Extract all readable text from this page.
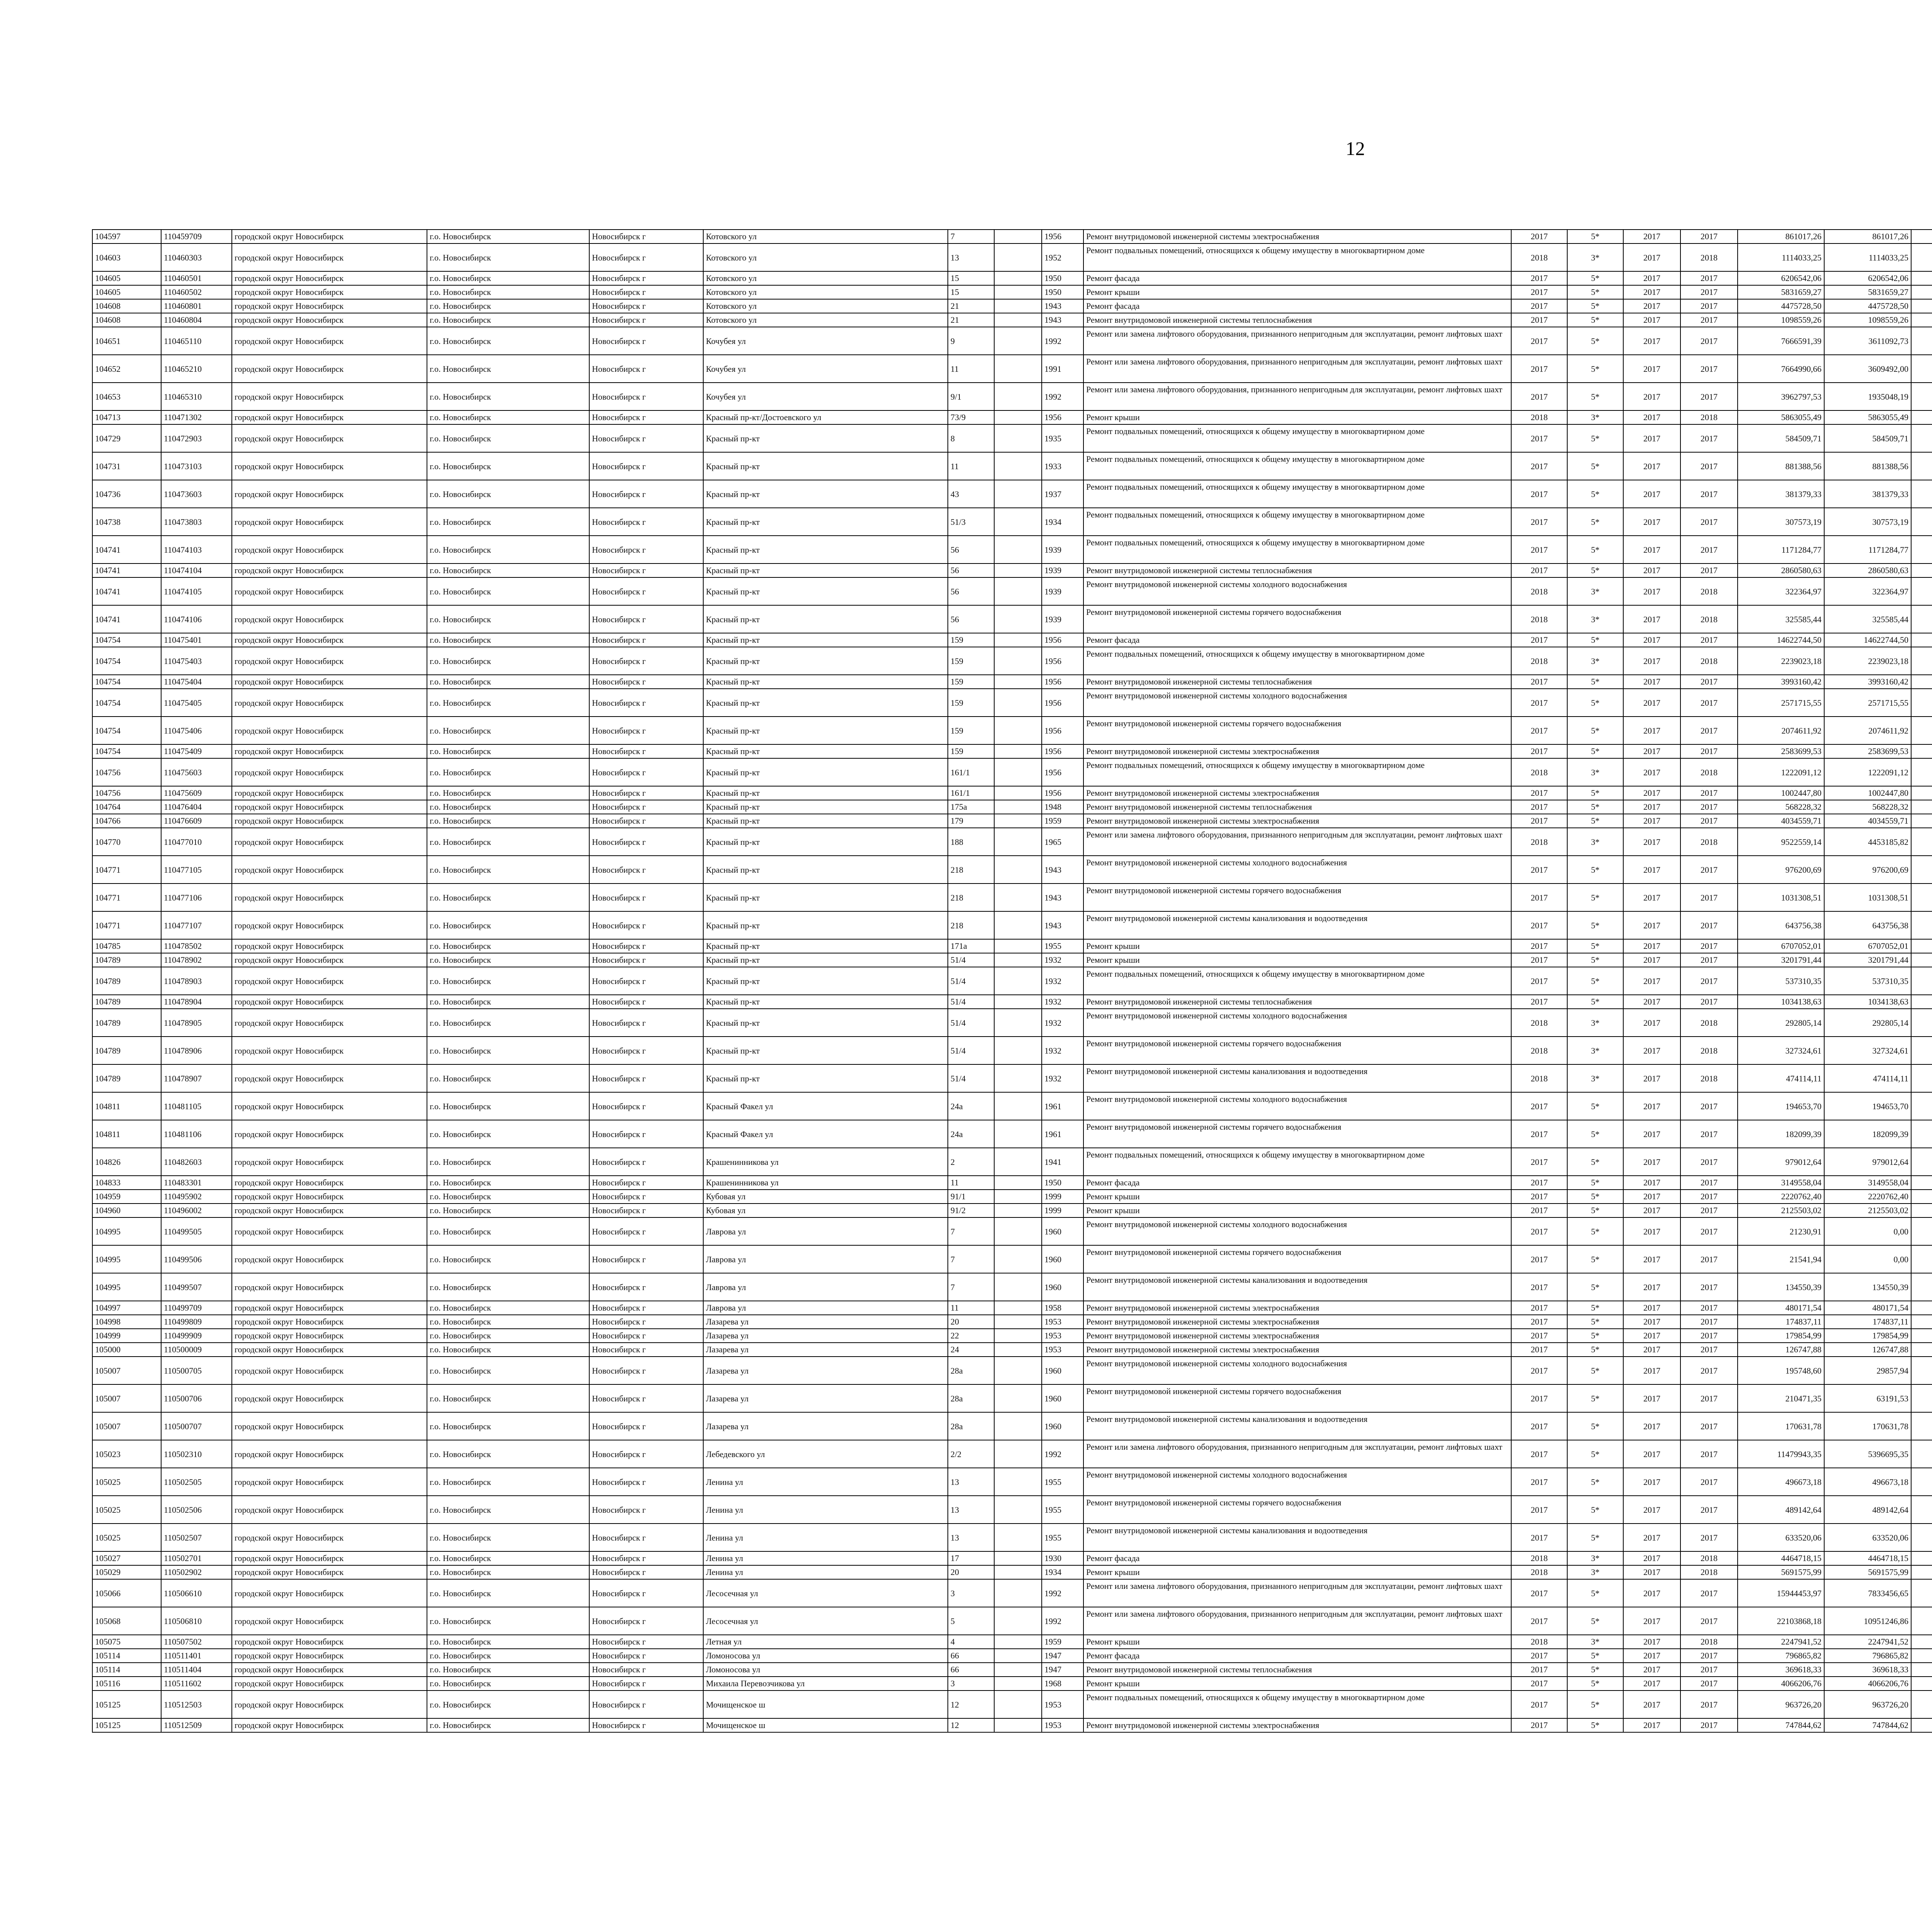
12
104597	110459709	городской округ Новосибирск	г.о. Новосибирск	Новосибирск г	Котовского ул	7		1956	Ремонт внутридомовой инженерной системы электроснабжения	2017	5*	2017	2017	861017,26	861017,26						
104603	110460303	городской округ Новосибирск	г.о. Новосибирск	Новосибирск г	Котовского ул	13		1952	Ремонт подвальных помещений, относящихся к общему имуществу в многоквартирном доме	2018	3*	2017	2018	1114033,25	1114033,25						
104605	110460501	городской округ Новосибирск	г.о. Новосибирск	Новосибирск г	Котовского ул	15		1950	Ремонт фасада	2017	5*	2017	2017	6206542,06	6206542,06						
104605	110460502	городской округ Новосибирск	г.о. Новосибирск	Новосибирск г	Котовского ул	15		1950	Ремонт крыши	2017	5*	2017	2017	5831659,27	5831659,27						
104608	110460801	городской округ Новосибирск	г.о. Новосибирск	Новосибирск г	Котовского ул	21		1943	Ремонт фасада	2017	5*	2017	2017	4475728,50	4475728,50						
104608	110460804	городской округ Новосибирск	г.о. Новосибирск	Новосибирск г	Котовского ул	21		1943	Ремонт внутридомовой инженерной системы теплоснабжения	2017	5*	2017	2017	1098559,26	1098559,26						
104651	110465110	городской округ Новосибирск	г.о. Новосибирск	Новосибирск г	Кочубея ул	9		1992	Ремонт или замена лифтового оборудования, признанного непригодным для эксплуатации, ремонт лифтовых шахт	2017	5*	2017	2017	7666591,39	3611092,73						
104652	110465210	городской округ Новосибирск	г.о. Новосибирск	Новосибирск г	Кочубея ул	11		1991	Ремонт или замена лифтового оборудования, признанного непригодным для эксплуатации, ремонт лифтовых шахт	2017	5*	2017	2017	7664990,66	3609492,00						
104653	110465310	городской округ Новосибирск	г.о. Новосибирск	Новосибирск г	Кочубея ул	9/1		1992	Ремонт или замена лифтового оборудования, признанного непригодным для эксплуатации, ремонт лифтовых шахт	2017	5*	2017	2017	3962797,53	1935048,19						
104713	110471302	городской округ Новосибирск	г.о. Новосибирск	Новосибирск г	Красный пр-кт/Достоевского ул	73/9		1956	Ремонт крыши	2018	3*	2017	2018	5863055,49	5863055,49						
104729	110472903	городской округ Новосибирск	г.о. Новосибирск	Новосибирск г	Красный пр-кт	8		1935	Ремонт подвальных помещений, относящихся к общему имуществу в многоквартирном доме	2017	5*	2017	2017	584509,71	584509,71						
104731	110473103	городской округ Новосибирск	г.о. Новосибирск	Новосибирск г	Красный пр-кт	11		1933	Ремонт подвальных помещений, относящихся к общему имуществу в многоквартирном доме	2017	5*	2017	2017	881388,56	881388,56						
104736	110473603	городской округ Новосибирск	г.о. Новосибирск	Новосибирск г	Красный пр-кт	43		1937	Ремонт подвальных помещений, относящихся к общему имуществу в многоквартирном доме	2017	5*	2017	2017	381379,33	381379,33						
104738	110473803	городской округ Новосибирск	г.о. Новосибирск	Новосибирск г	Красный пр-кт	51/3		1934	Ремонт подвальных помещений, относящихся к общему имуществу в многоквартирном доме	2017	5*	2017	2017	307573,19	307573,19						
104741	110474103	городской округ Новосибирск	г.о. Новосибирск	Новосибирск г	Красный пр-кт	56		1939	Ремонт подвальных помещений, относящихся к общему имуществу в многоквартирном доме	2017	5*	2017	2017	1171284,77	1171284,77						
104741	110474104	городской округ Новосибирск	г.о. Новосибирск	Новосибирск г	Красный пр-кт	56		1939	Ремонт внутридомовой инженерной системы теплоснабжения	2017	5*	2017	2017	2860580,63	2860580,63						
104741	110474105	городской округ Новосибирск	г.о. Новосибирск	Новосибирск г	Красный пр-кт	56		1939	Ремонт внутридомовой инженерной системы холодного водоснабжения	2018	3*	2017	2018	322364,97	322364,97						
104741	110474106	городской округ Новосибирск	г.о. Новосибирск	Новосибирск г	Красный пр-кт	56		1939	Ремонт внутридомовой инженерной системы горячего водоснабжения	2018	3*	2017	2018	325585,44	325585,44						
104754	110475401	городской округ Новосибирск	г.о. Новосибирск	Новосибирск г	Красный пр-кт	159		1956	Ремонт фасада	2017	5*	2017	2017	14622744,50	14622744,50						
104754	110475403	городской округ Новосибирск	г.о. Новосибирск	Новосибирск г	Красный пр-кт	159		1956	Ремонт подвальных помещений, относящихся к общему имуществу в многоквартирном доме	2018	3*	2017	2018	2239023,18	2239023,18						
104754	110475404	городской округ Новосибирск	г.о. Новосибирск	Новосибирск г	Красный пр-кт	159		1956	Ремонт внутридомовой инженерной системы теплоснабжения	2017	5*	2017	2017	3993160,42	3993160,42						
104754	110475405	городской округ Новосибирск	г.о. Новосибирск	Новосибирск г	Красный пр-кт	159		1956	Ремонт внутридомовой инженерной системы холодного водоснабжения	2017	5*	2017	2017	2571715,55	2571715,55						
104754	110475406	городской округ Новосибирск	г.о. Новосибирск	Новосибирск г	Красный пр-кт	159		1956	Ремонт внутридомовой инженерной системы горячего водоснабжения	2017	5*	2017	2017	2074611,92	2074611,92						
104754	110475409	городской округ Новосибирск	г.о. Новосибирск	Новосибирск г	Красный пр-кт	159		1956	Ремонт внутридомовой инженерной системы электроснабжения	2017	5*	2017	2017	2583699,53	2583699,53						
104756	110475603	городской округ Новосибирск	г.о. Новосибирск	Новосибирск г	Красный пр-кт	161/1		1956	Ремонт подвальных помещений, относящихся к общему имуществу в многоквартирном доме	2018	3*	2017	2018	1222091,12	1222091,12						
104756	110475609	городской округ Новосибирск	г.о. Новосибирск	Новосибирск г	Красный пр-кт	161/1		1956	Ремонт внутридомовой инженерной системы электроснабжения	2017	5*	2017	2017	1002447,80	1002447,80						
104764	110476404	городской округ Новосибирск	г.о. Новосибирск	Новосибирск г	Красный пр-кт	175а		1948	Ремонт внутридомовой инженерной системы теплоснабжения	2017	5*	2017	2017	568228,32	568228,32						
104766	110476609	городской округ Новосибирск	г.о. Новосибирск	Новосибирск г	Красный пр-кт	179		1959	Ремонт внутридомовой инженерной системы электроснабжения	2017	5*	2017	2017	4034559,71	4034559,71						
104770	110477010	городской округ Новосибирск	г.о. Новосибирск	Новосибирск г	Красный пр-кт	188		1965	Ремонт или замена лифтового оборудования, признанного непригодным для эксплуатации, ремонт лифтовых шахт	2018	3*	2017	2018	9522559,14	4453185,82						
104771	110477105	городской округ Новосибирск	г.о. Новосибирск	Новосибирск г	Красный пр-кт	218		1943	Ремонт внутридомовой инженерной системы холодного водоснабжения	2017	5*	2017	2017	976200,69	976200,69						
104771	110477106	городской округ Новосибирск	г.о. Новосибирск	Новосибирск г	Красный пр-кт	218		1943	Ремонт внутридомовой инженерной системы горячего водоснабжения	2017	5*	2017	2017	1031308,51	1031308,51						
104771	110477107	городской округ Новосибирск	г.о. Новосибирск	Новосибирск г	Красный пр-кт	218		1943	Ремонт внутридомовой инженерной системы канализования и водоотведения	2017	5*	2017	2017	643756,38	643756,38						
104785	110478502	городской округ Новосибирск	г.о. Новосибирск	Новосибирск г	Красный пр-кт	171а		1955	Ремонт крыши	2017	5*	2017	2017	6707052,01	6707052,01						
104789	110478902	городской округ Новосибирск	г.о. Новосибирск	Новосибирск г	Красный пр-кт	51/4		1932	Ремонт крыши	2017	5*	2017	2017	3201791,44	3201791,44						
104789	110478903	городской округ Новосибирск	г.о. Новосибирск	Новосибирск г	Красный пр-кт	51/4		1932	Ремонт подвальных помещений, относящихся к общему имуществу в многоквартирном доме	2017	5*	2017	2017	537310,35	537310,35						
104789	110478904	городской округ Новосибирск	г.о. Новосибирск	Новосибирск г	Красный пр-кт	51/4		1932	Ремонт внутридомовой инженерной системы теплоснабжения	2017	5*	2017	2017	1034138,63	1034138,63						
104789	110478905	городской округ Новосибирск	г.о. Новосибирск	Новосибирск г	Красный пр-кт	51/4		1932	Ремонт внутридомовой инженерной системы холодного водоснабжения	2018	3*	2017	2018	292805,14	292805,14						
104789	110478906	городской округ Новосибирск	г.о. Новосибирск	Новосибирск г	Красный пр-кт	51/4		1932	Ремонт внутридомовой инженерной системы горячего водоснабжения	2018	3*	2017	2018	327324,61	327324,61						
104789	110478907	городской округ Новосибирск	г.о. Новосибирск	Новосибирск г	Красный пр-кт	51/4		1932	Ремонт внутридомовой инженерной системы канализования и водоотведения	2018	3*	2017	2018	474114,11	474114,11						
104811	110481105	городской округ Новосибирск	г.о. Новосибирск	Новосибирск г	Красный Факел ул	24а		1961	Ремонт внутридомовой инженерной системы холодного водоснабжения	2017	5*	2017	2017	194653,70	194653,70						
104811	110481106	городской округ Новосибирск	г.о. Новосибирск	Новосибирск г	Красный Факел ул	24а		1961	Ремонт внутридомовой инженерной системы горячего водоснабжения	2017	5*	2017	2017	182099,39	182099,39						
104826	110482603	городской округ Новосибирск	г.о. Новосибирск	Новосибирск г	Крашенинникова ул	2		1941	Ремонт подвальных помещений, относящихся к общему имуществу в многоквартирном доме	2017	5*	2017	2017	979012,64	979012,64						
104833	110483301	городской округ Новосибирск	г.о. Новосибирск	Новосибирск г	Крашенинникова ул	11		1950	Ремонт фасада	2017	5*	2017	2017	3149558,04	3149558,04						
104959	110495902	городской округ Новосибирск	г.о. Новосибирск	Новосибирск г	Кубовая ул	91/1		1999	Ремонт крыши	2017	5*	2017	2017	2220762,40	2220762,40						
104960	110496002	городской округ Новосибирск	г.о. Новосибирск	Новосибирск г	Кубовая ул	91/2		1999	Ремонт крыши	2017	5*	2017	2017	2125503,02	2125503,02						
104995	110499505	городской округ Новосибирск	г.о. Новосибирск	Новосибирск г	Лаврова ул	7		1960	Ремонт внутридомовой инженерной системы холодного водоснабжения	2017	5*	2017	2017	21230,91	0,00						
104995	110499506	городской округ Новосибирск	г.о. Новосибирск	Новосибирск г	Лаврова ул	7		1960	Ремонт внутридомовой инженерной системы горячего водоснабжения	2017	5*	2017	2017	21541,94	0,00						
104995	110499507	городской округ Новосибирск	г.о. Новосибирск	Новосибирск г	Лаврова ул	7		1960	Ремонт внутридомовой инженерной системы канализования и водоотведения	2017	5*	2017	2017	134550,39	134550,39						
104997	110499709	городской округ Новосибирск	г.о. Новосибирск	Новосибирск г	Лаврова ул	11		1958	Ремонт внутридомовой инженерной системы электроснабжения	2017	5*	2017	2017	480171,54	480171,54						
104998	110499809	городской округ Новосибирск	г.о. Новосибирск	Новосибирск г	Лазарева ул	20		1953	Ремонт внутридомовой инженерной системы электроснабжения	2017	5*	2017	2017	174837,11	174837,11						
104999	110499909	городской округ Новосибирск	г.о. Новосибирск	Новосибирск г	Лазарева ул	22		1953	Ремонт внутридомовой инженерной системы электроснабжения	2017	5*	2017	2017	179854,99	179854,99						
105000	110500009	городской округ Новосибирск	г.о. Новосибирск	Новосибирск г	Лазарева ул	24		1953	Ремонт внутридомовой инженерной системы электроснабжения	2017	5*	2017	2017	126747,88	126747,88						
105007	110500705	городской округ Новосибирск	г.о. Новосибирск	Новосибирск г	Лазарева ул	28а		1960	Ремонт внутридомовой инженерной системы холодного водоснабжения	2017	5*	2017	2017	195748,60	29857,94						
105007	110500706	городской округ Новосибирск	г.о. Новосибирск	Новосибирск г	Лазарева ул	28а		1960	Ремонт внутридомовой инженерной системы горячего водоснабжения	2017	5*	2017	2017	210471,35	63191,53						
105007	110500707	городской округ Новосибирск	г.о. Новосибирск	Новосибирск г	Лазарева ул	28а		1960	Ремонт внутридомовой инженерной системы канализования и водоотведения	2017	5*	2017	2017	170631,78	170631,78						
105023	110502310	городской округ Новосибирск	г.о. Новосибирск	Новосибирск г	Лебедевского ул	2/2		1992	Ремонт или замена лифтового оборудования, признанного непригодным для эксплуатации, ремонт лифтовых шахт	2017	5*	2017	2017	11479943,35	5396695,35						
105025	110502505	городской округ Новосибирск	г.о. Новосибирск	Новосибирск г	Ленина ул	13		1955	Ремонт внутридомовой инженерной системы холодного водоснабжения	2017	5*	2017	2017	496673,18	496673,18						
105025	110502506	городской округ Новосибирск	г.о. Новосибирск	Новосибирск г	Ленина ул	13		1955	Ремонт внутридомовой инженерной системы горячего водоснабжения	2017	5*	2017	2017	489142,64	489142,64						
105025	110502507	городской округ Новосибирск	г.о. Новосибирск	Новосибирск г	Ленина ул	13		1955	Ремонт внутридомовой инженерной системы канализования и водоотведения	2017	5*	2017	2017	633520,06	633520,06						
105027	110502701	городской округ Новосибирск	г.о. Новосибирск	Новосибирск г	Ленина ул	17		1930	Ремонт фасада	2018	3*	2017	2018	4464718,15	4464718,15						
105029	110502902	городской округ Новосибирск	г.о. Новосибирск	Новосибирск г	Ленина ул	20		1934	Ремонт крыши	2018	3*	2017	2018	5691575,99	5691575,99						
105066	110506610	городской округ Новосибирск	г.о. Новосибирск	Новосибирск г	Лесосечная ул	3		1992	Ремонт или замена лифтового оборудования, признанного непригодным для эксплуатации, ремонт лифтовых шахт	2017	5*	2017	2017	15944453,97	7833456,65						
105068	110506810	городской округ Новосибирск	г.о. Новосибирск	Новосибирск г	Лесосечная ул	5		1992	Ремонт или замена лифтового оборудования, признанного непригодным для эксплуатации, ремонт лифтовых шахт	2017	5*	2017	2017	22103868,18	10951246,86						
105075	110507502	городской округ Новосибирск	г.о. Новосибирск	Новосибирск г	Летная ул	4		1959	Ремонт крыши	2018	3*	2017	2018	2247941,52	2247941,52						
105114	110511401	городской округ Новосибирск	г.о. Новосибирск	Новосибирск г	Ломоносова ул	66		1947	Ремонт фасада	2017	5*	2017	2017	796865,82	796865,82						
105114	110511404	городской округ Новосибирск	г.о. Новосибирск	Новосибирск г	Ломоносова ул	66		1947	Ремонт внутридомовой инженерной системы теплоснабжения	2017	5*	2017	2017	369618,33	369618,33						
105116	110511602	городской округ Новосибирск	г.о. Новосибирск	Новосибирск г	Михаила Перевозчикова ул	3		1968	Ремонт крыши	2017	5*	2017	2017	4066206,76	4066206,76						
105125	110512503	городской округ Новосибирск	г.о. Новосибирск	Новосибирск г	Мочищенское ш	12		1953	Ремонт подвальных помещений, относящихся к общему имуществу в многоквартирном доме	2017	5*	2017	2017	963726,20	963726,20						
105125	110512509	городской округ Новосибирск	г.о. Новосибирск	Новосибирск г	Мочищенское ш	12		1953	Ремонт внутридомовой инженерной системы электроснабжения	2017	5*	2017	2017	747844,62	747844,62						
